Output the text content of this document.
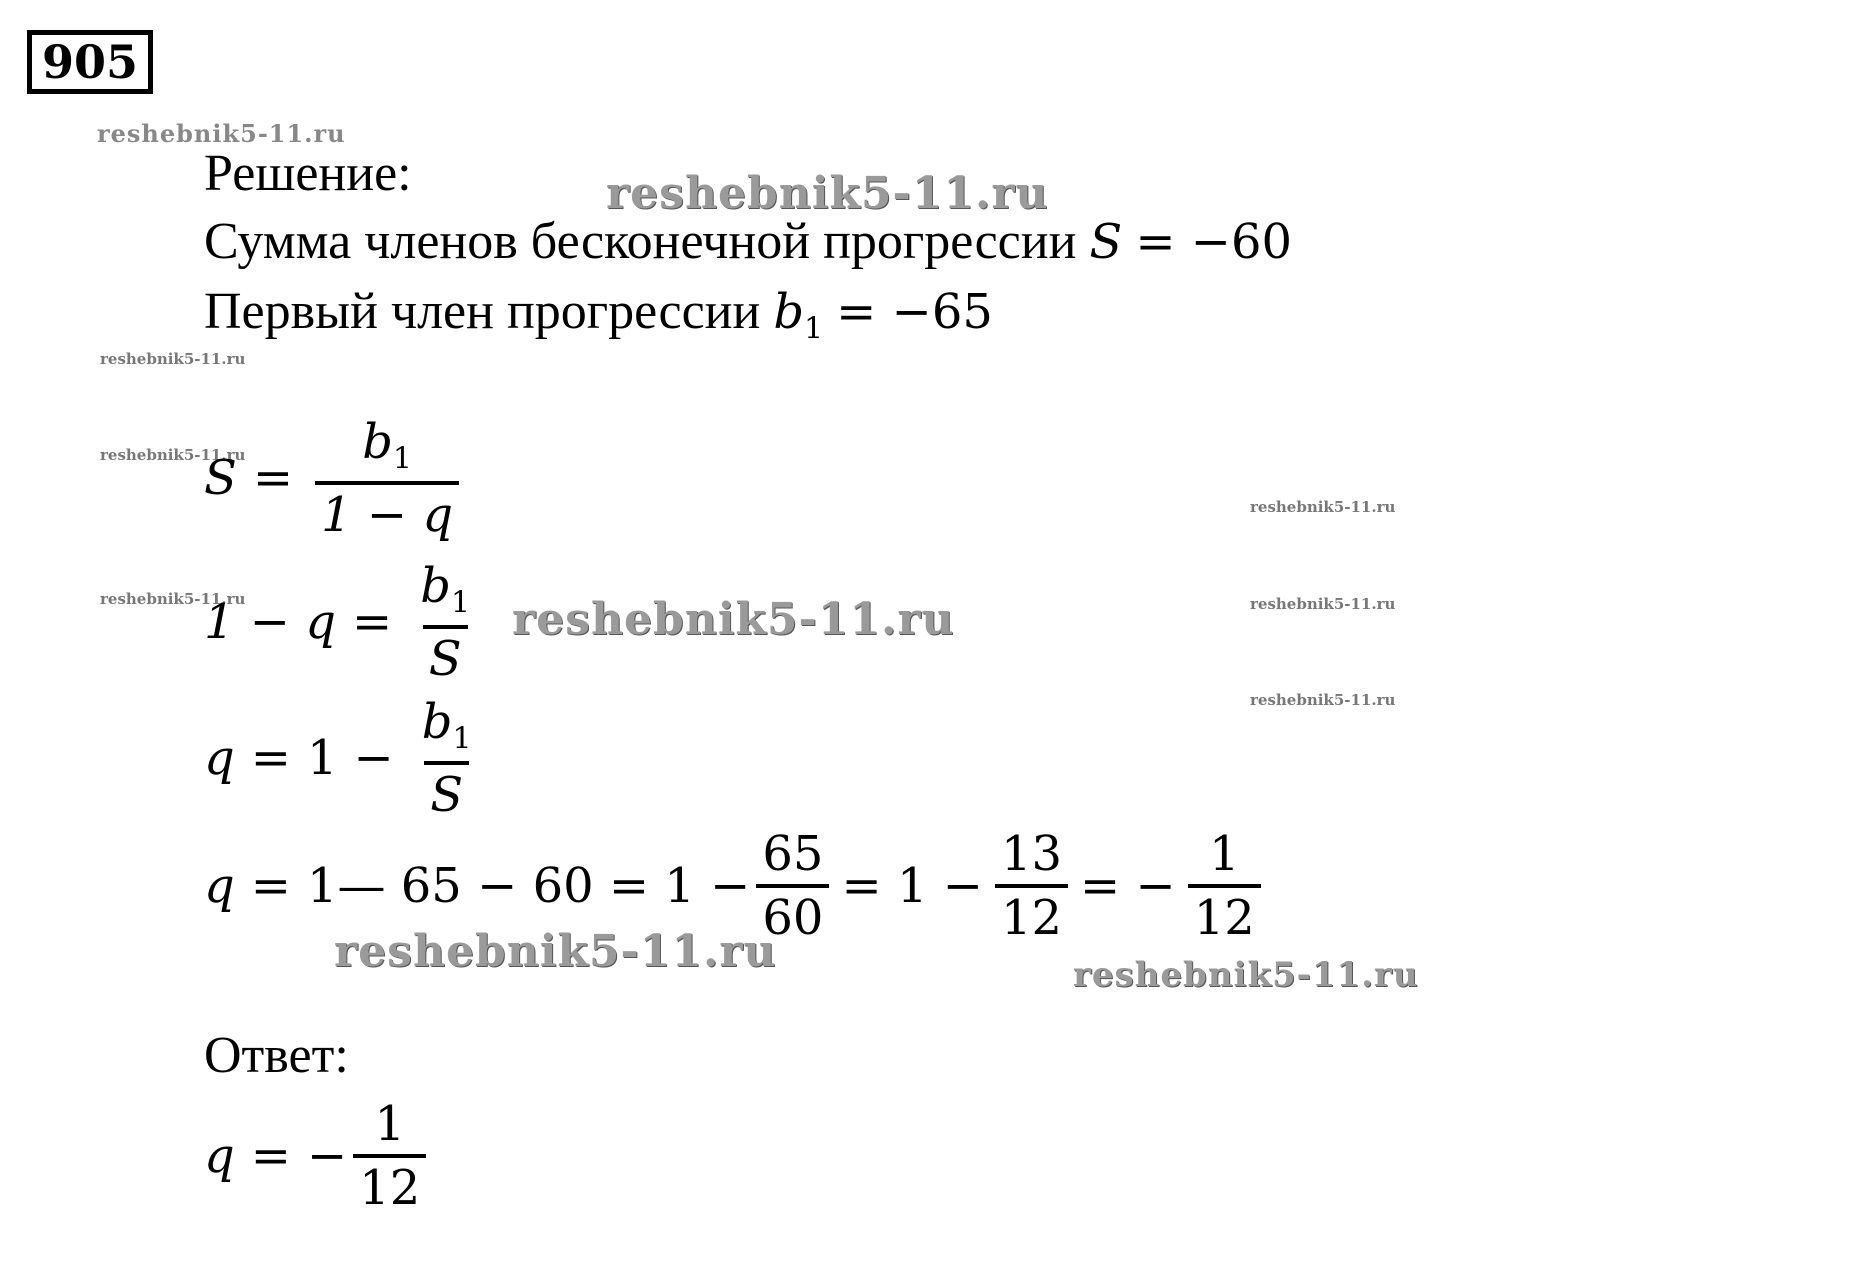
905
reshebnik5-11.ru
reshebnik5-11.ru
reshebnik5-11.ru
reshebnik5-11.ru
reshebnik5-11.ru
reshebnik5-11.ru	reshebnik5-11.ru	reshebnik5-11.ru
reshebnik5-11.ru
reshebnik5-11.ru	reshebnik5-11.ru
Решение:
Сумма членов бесконечной прогрессии S = −60
Первый член прогрессии $b_1 = -65$
$S = \frac{b_1}{1 - q}$
$1 - q = \frac{b_1}{S}$
$q = 1 - \frac{b_1}{S}$
q = 1— $65 - 60 = 1 - \frac{65}{60} = 1 - \frac{13}{12}$ = − $\frac{1}{12}$
Ответ:
q = − $\frac{1}{12}$
